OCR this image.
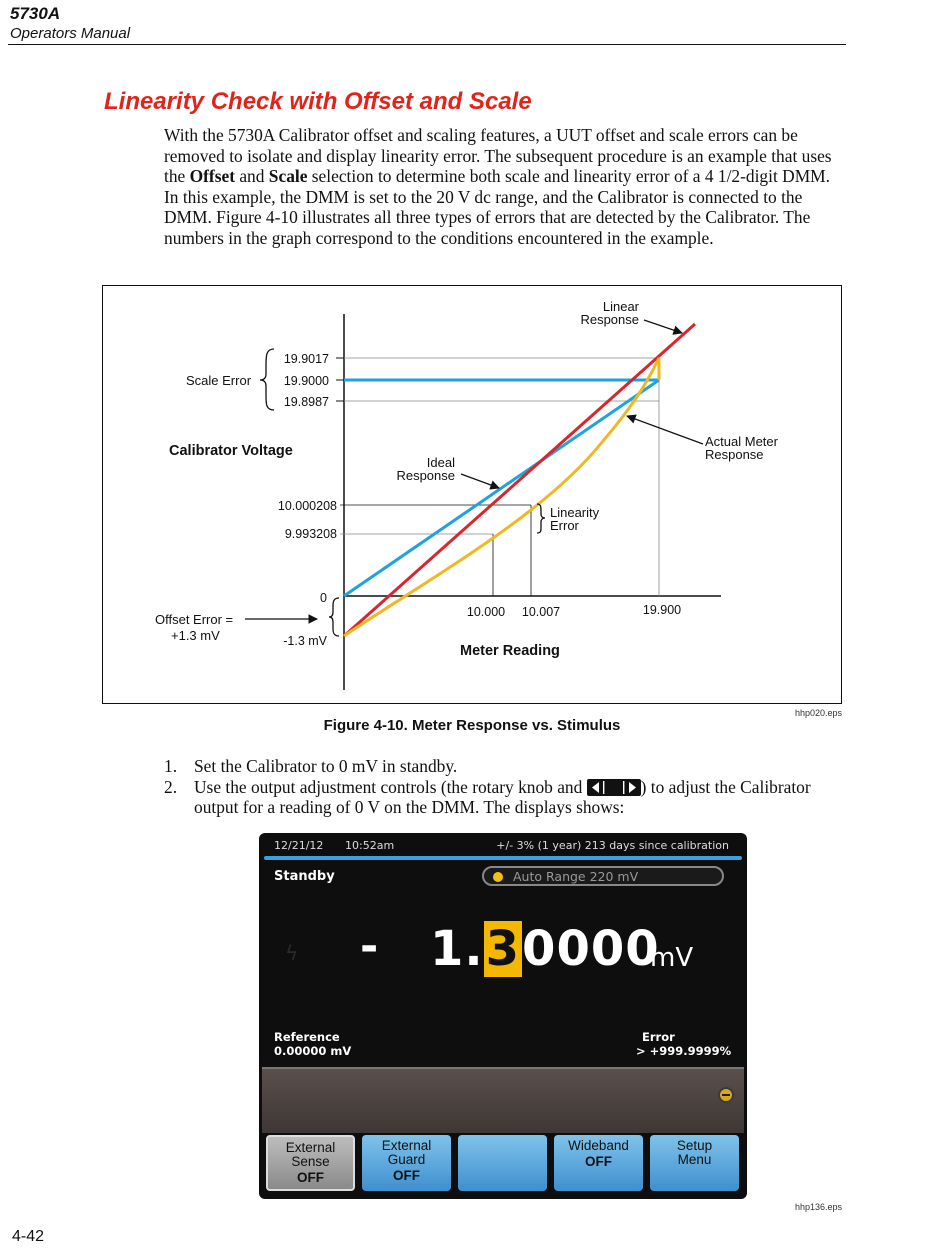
5730A
Operators Manual
Linearity Check with Offset and Scale

With the 5730A Calibrator offset and scaling features, a UUT offset and scale errors can be removed to isolate and display linearity error. The subsequent procedure is an example that uses the Offset and Scale selection to determine both scale and linearity error of a 4 1/2-digit DMM. In this example, the DMM is set to the 20 V dc range, and the Calibrator is connected to the DMM. Figure 4-10 illustrates all three types of errors that are detected by the Calibrator. The numbers in the graph correspond to the conditions encountered in the example.

19.9017
19.9000
19.8987
10.000208
9.993208
0
-1.3 mV
10.000 10.007	19.900
Calibrator Voltage
Meter Reading
Scale Error
Linear
Response
Actual Meter
Response
Ideal
Response
Linearity
Error
Offset Error =
+1.3 mV
hhp020.eps
Figure 4-10. Meter Response vs. Stimulus
1. Set the Calibrator to 0 mV in standby.
2. Use the output adjustment controls (the rotary knob and	) to adjust the Calibrator output for a reading of 0 V on the DMM. The displays shows:
12/21/12 10:52am	+/- 3% (1 year) 213 days since calibration
Standby	Auto Range 220 mV
ϟ - 1.30000
mV
Reference
0.00000 mV
Error
> +999.9999%
External
Sense
OFF
External
Guard
OFF
Wideband

OFF
Setup
Menu
hhp136.eps
4-42
